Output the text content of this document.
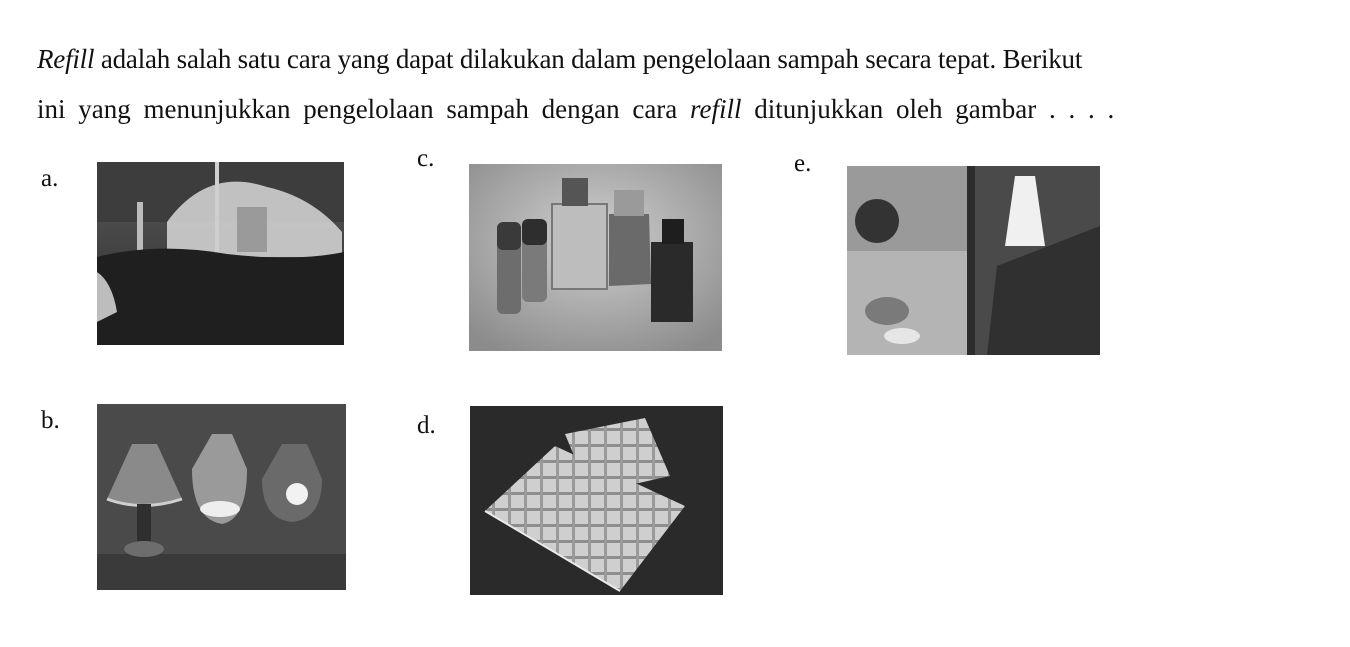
Refill adalah salah satu cara yang dapat dilakukan dalam pengelolaan sampah secara tepat. Berikut
ini yang menunjukkan pengelolaan sampah dengan cara refill ditunjukkan oleh gambar . . . .
a.
b.
c.
d.
e.
